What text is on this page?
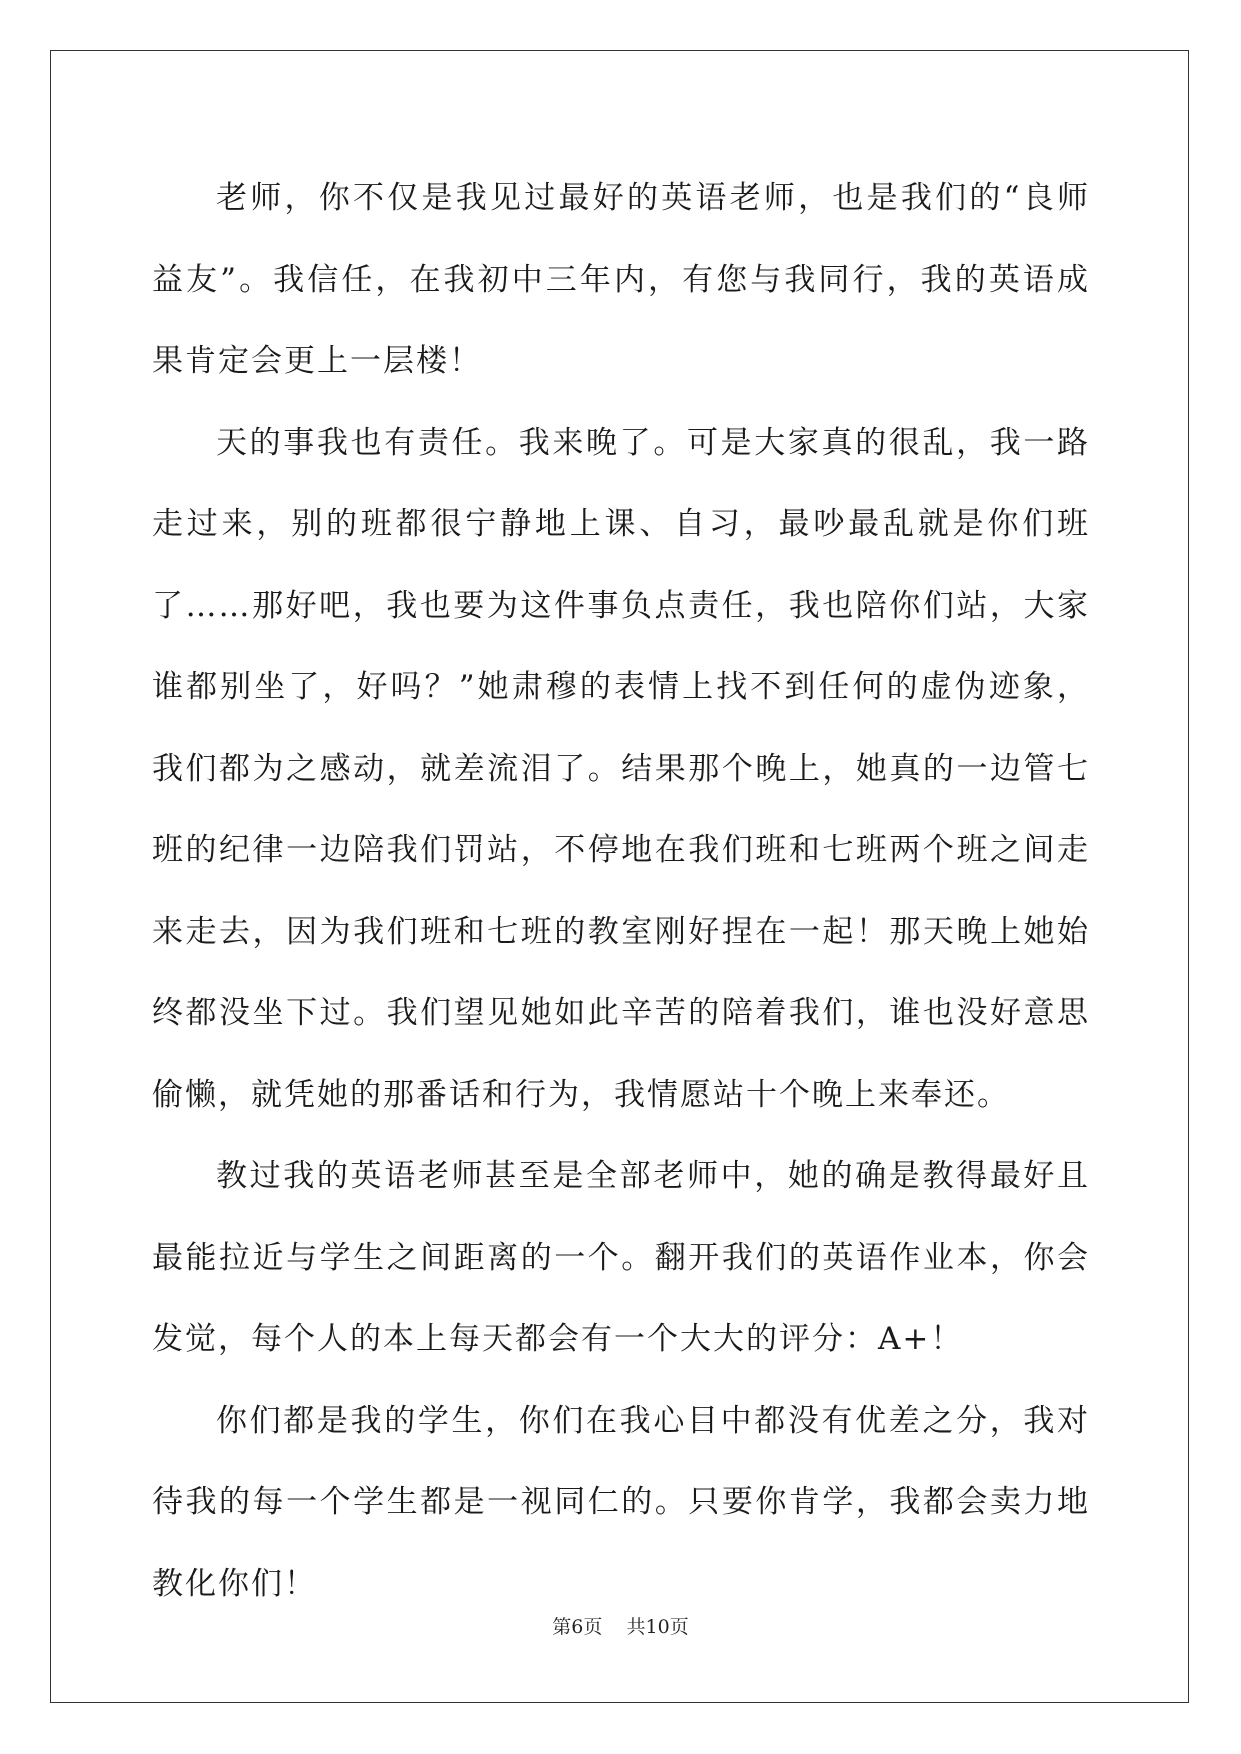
老师，你不仅是我见过最好的英语老师，也是我们的“良师益友”。我信任，在我初中三年内，有您与我同行，我的英语成果肯定会更上一层楼！

天的事我也有责任。我来晚了。可是大家真的很乱，我一路走过来，别的班都很宁静地上课、自习，最吵最乱就是你们班了……那好吧，我也要为这件事负点责任，我也陪你们站，大家谁都别坐了，好吗？”她肃穆的表情上找不到任何的虚伪迹象，我们都为之感动，就差流泪了。结果那个晚上，她真的一边管七班的纪律一边陪我们罚站，不停地在我们班和七班两个班之间走来走去，因为我们班和七班的教室刚好捏在一起！那天晚上她始终都没坐下过。我们望见她如此辛苦的陪着我们，谁也没好意思偷懒，就凭她的那番话和行为，我情愿站十个晚上来奉还。

教过我的英语老师甚至是全部老师中，她的确是教得最好且最能拉近与学生之间距离的一个。翻开我们的英语作业本，你会发觉，每个人的本上每天都会有一个大大的评分：A+！

你们都是我的学生，你们在我心目中都没有优差之分，我对待我的每一个学生都是一视同仁的。只要你肯学，我都会卖力地教化你们！

第6页    共10页
